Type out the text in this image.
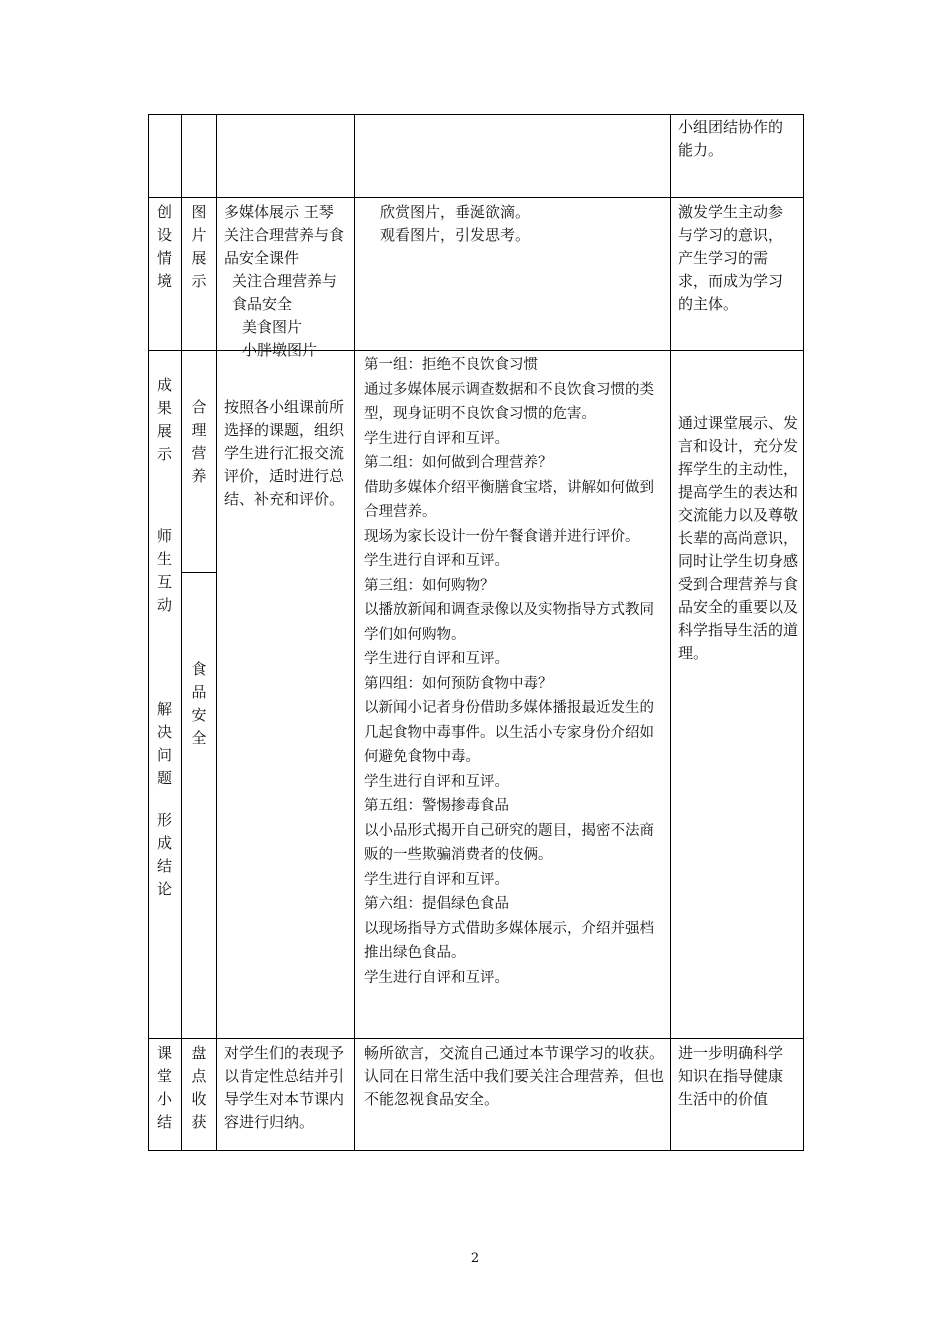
小组团结协作的能力。
创
设
情
境
图
片
展
示
多媒体展示 王琴关注合理营养与食品安全课件
关注合理营养与食品安全
美食图片
小胖墩图片
欣赏图片，垂涎欲滴。
观看图片，引发思考。
激发学生主动参与学习的意识，产生学习的需求，而成为学习的主体。
成
果
展
示
师
生
互
动
解
决
问
题
形
成
结
论
合
理
营
养
食
品
安
全
按照各小组课前所选择的课题，组织学生进行汇报交流评价，适时进行总结、补充和评价。
第一组：拒绝不良饮食习惯
通过多媒体展示调查数据和不良饮食习惯的类型，现身证明不良饮食习惯的危害。
学生进行自评和互评。
第二组：如何做到合理营养？
借助多媒体介绍平衡膳食宝塔，讲解如何做到合理营养。
现场为家长设计一份午餐食谱并进行评价。
学生进行自评和互评。
第三组：如何购物？
以播放新闻和调查录像以及实物指导方式教同学们如何购物。
学生进行自评和互评。
第四组：如何预防食物中毒？
以新闻小记者身份借助多媒体播报最近发生的几起食物中毒事件。以生活小专家身份介绍如何避免食物中毒。
学生进行自评和互评。
第五组：警惕掺毒食品
以小品形式揭开自己研究的题目，揭密不法商贩的一些欺骗消费者的伎俩。
学生进行自评和互评。
第六组：提倡绿色食品
以现场指导方式借助多媒体展示，介绍并强档推出绿色食品。
学生进行自评和互评。
通过课堂展示、发言和设计，充分发挥学生的主动性，提高学生的表达和交流能力以及尊敬长辈的高尚意识，同时让学生切身感受到合理营养与食品安全的重要以及科学指导生活的道理。
课
堂
小
结
盘
点
收
获
对学生们的表现予以肯定性总结并引导学生对本节课内容进行归纳。
畅所欲言，交流自己通过本节课学习的收获。认同在日常生活中我们要关注合理营养，但也不能忽视食品安全。
进一步明确科学知识在指导健康生活中的价值
2
